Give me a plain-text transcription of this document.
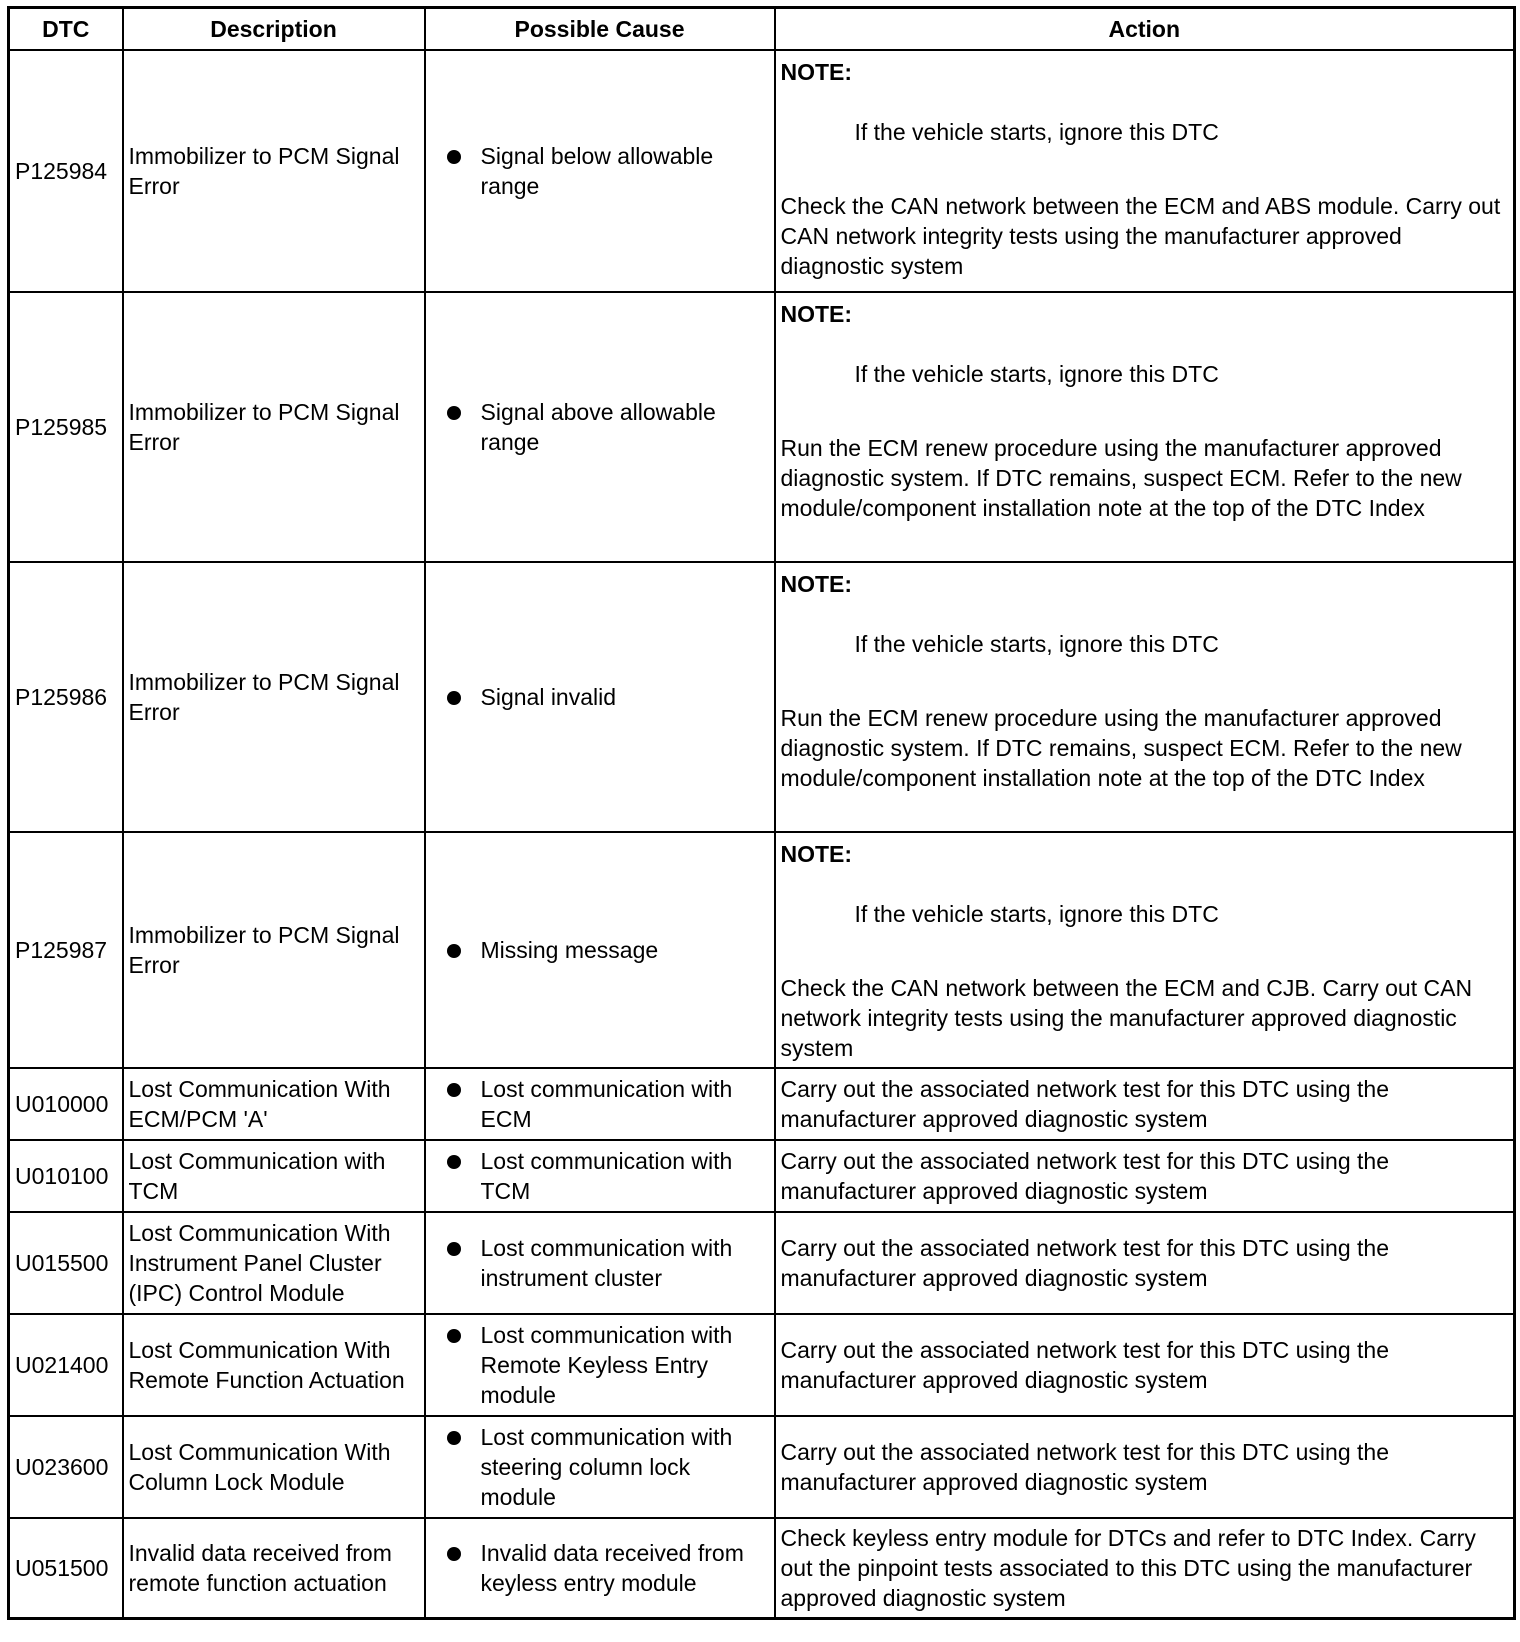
DTC	Description	Possible Cause	Action
P125984	Immobilizer to PCM Signal Error	Signal below allowable range	NOTE:
If the vehicle starts, ignore this DTC
Check the CAN network between the ECM and ABS module. Carry out CAN network integrity tests using the manufacturer approved diagnostic system

P125985	Immobilizer to PCM Signal Error	Signal above allowable range	NOTE:
If the vehicle starts, ignore this DTC
Run the ECM renew procedure using the manufacturer approved diagnostic system. If DTC remains, suspect ECM. Refer to the new module/component installation note at the top of the DTC Index

P125986	Immobilizer to PCM Signal Error	Signal invalid	NOTE:
If the vehicle starts, ignore this DTC
Run the ECM renew procedure using the manufacturer approved diagnostic system. If DTC remains, suspect ECM. Refer to the new module/component installation note at the top of the DTC Index

P125987	Immobilizer to PCM Signal Error	Missing message	NOTE:
If the vehicle starts, ignore this DTC
Check the CAN network between the ECM and CJB. Carry out CAN network integrity tests using the manufacturer approved diagnostic system

U010000	Lost Communication With ECM/PCM 'A'	Lost communication with ECM	Carry out the associated network test for this DTC using the manufacturer approved diagnostic system
U010100	Lost Communication with TCM	Lost communication with TCM	Carry out the associated network test for this DTC using the manufacturer approved diagnostic system
U015500	Lost Communication With Instrument Panel Cluster (IPC) Control Module	Lost communication with instrument cluster	Carry out the associated network test for this DTC using the manufacturer approved diagnostic system
U021400	Lost Communication With Remote Function Actuation	Lost communication with Remote Keyless Entry module	Carry out the associated network test for this DTC using the manufacturer approved diagnostic system
U023600	Lost Communication With Column Lock Module	Lost communication with steering column lock module	Carry out the associated network test for this DTC using the manufacturer approved diagnostic system
U051500	Invalid data received from remote function actuation	Invalid data received from keyless entry module	Check keyless entry module for DTCs and refer to DTC Index. Carry out the pinpoint tests associated to this DTC using the manufacturer approved diagnostic system
